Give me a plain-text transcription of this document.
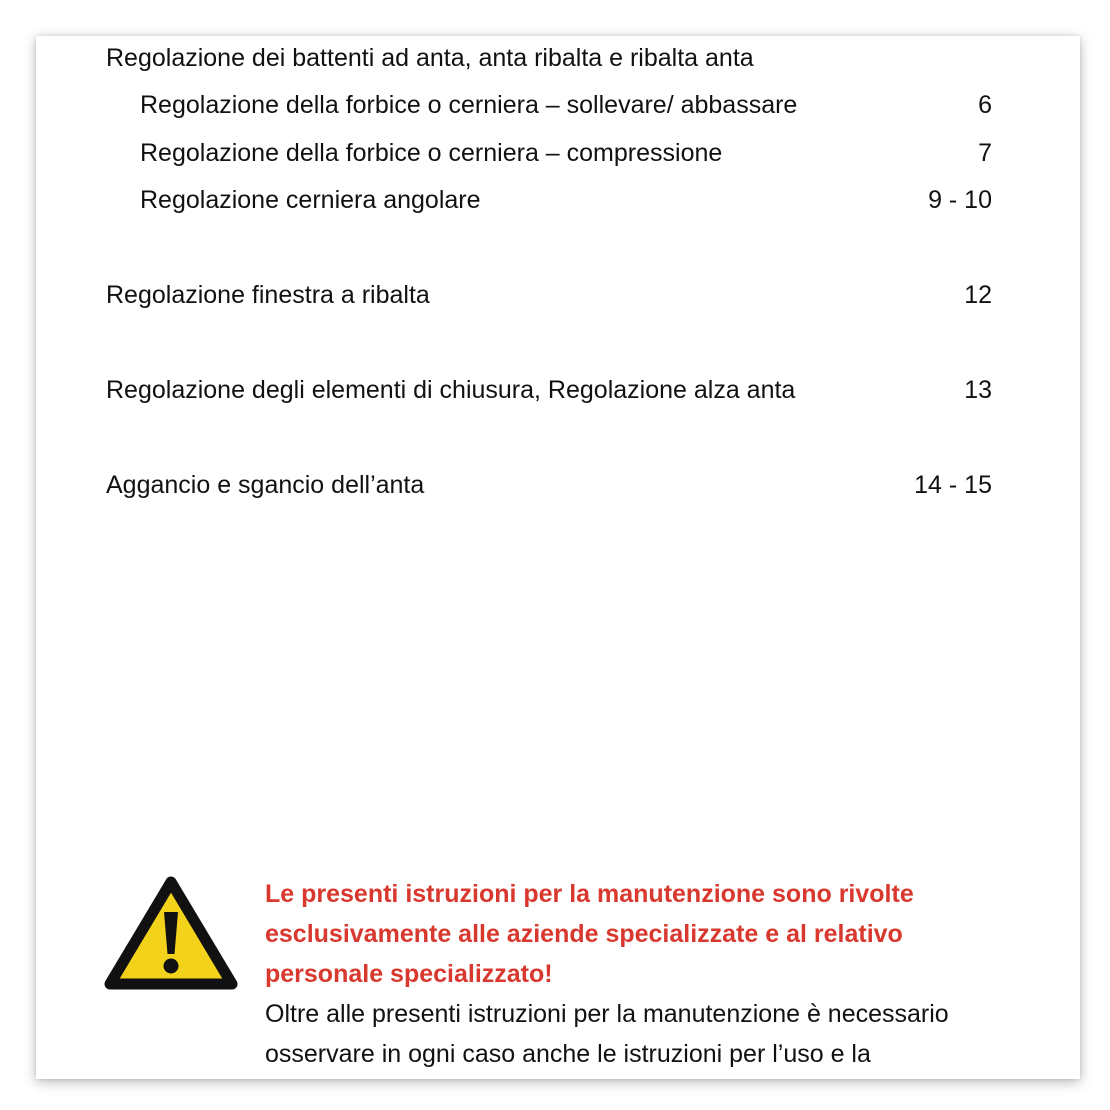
Regolazione dei battenti ad anta, anta ribalta e ribalta anta
Regolazione della forbice o cerniera – sollevare/ abbassare	6
Regolazione della forbice o cerniera – compressione	7
Regolazione cerniera angolare	9 - 10
Regolazione finestra a ribalta	12
Regolazione degli elementi di chiusura, Regolazione alza anta	13
Aggancio e sgancio dell’anta	14 - 15
Le presenti istruzioni per la manutenzione sono rivolte
esclusivamente alle aziende specializzate e al relativo
personale specializzato!
Oltre alle presenti istruzioni per la manutenzione è necessario
osservare in ogni caso anche le istruzioni per l’uso e la
